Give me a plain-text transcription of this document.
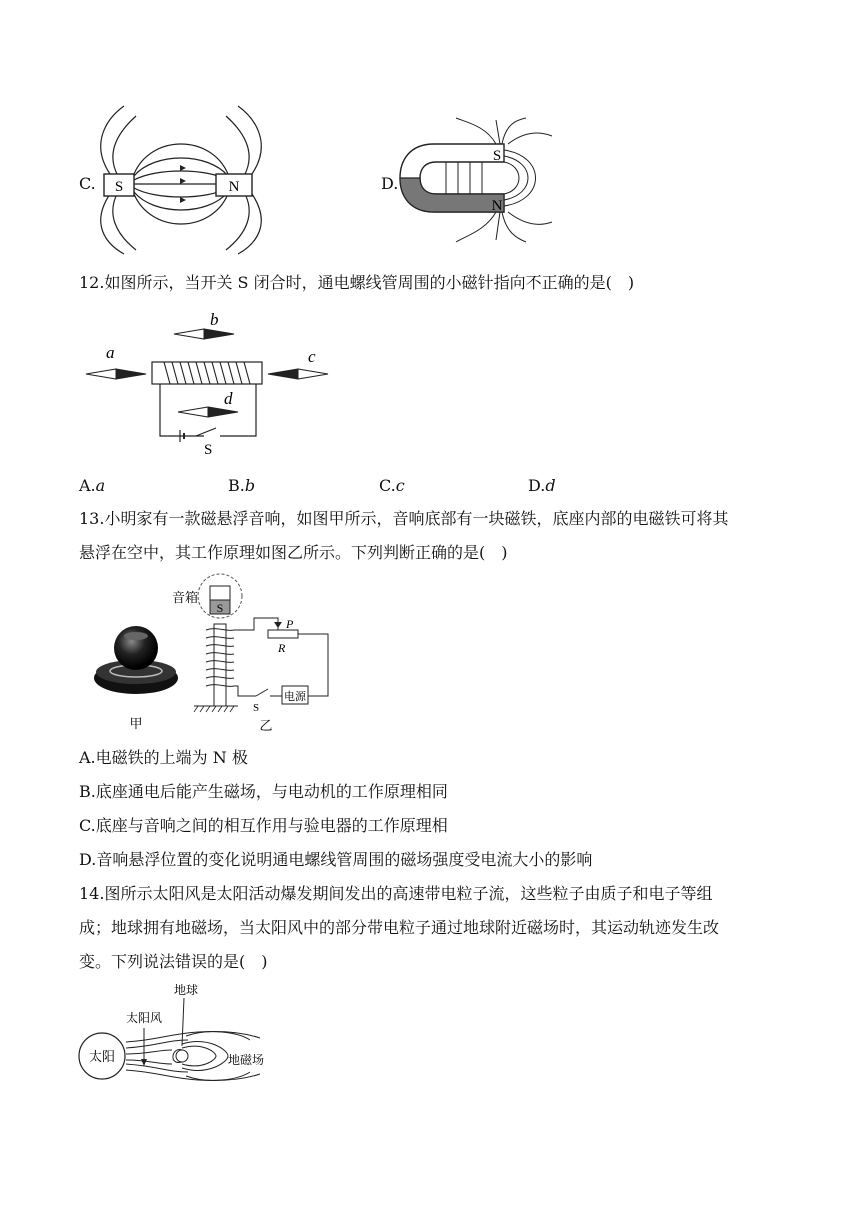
C. S	N	D.
S
N
12.如图所示，当开关 S 闭合时，通电螺线管周围的小磁针指向不正确的是(　)
a
b
c
d
S
A.a	B.b	C.c	D.d
13.小明家有一款磁悬浮音响，如图甲所示，音响底部有一块磁铁，底座内部的电磁铁可将其
悬浮在空中，其工作原理如图乙所示。下列判断正确的是(　)
甲
音箱
S
P
R
电源
S
乙
A.电磁铁的上端为 N 极
B.底座通电后能产生磁场，与电动机的工作原理相同
C.底座与音响之间的相互作用与验电器的工作原理相
D.音响悬浮位置的变化说明通电螺线管周围的磁场强度受电流大小的影响
14.图所示太阳风是太阳活动爆发期间发出的高速带电粒子流，这些粒子由质子和电子等组
成；地球拥有地磁场，当太阳风中的部分带电粒子通过地球附近磁场时，其运动轨迹发生改
变。下列说法错误的是(　)
太阳
太阳风
地球
地磁场
